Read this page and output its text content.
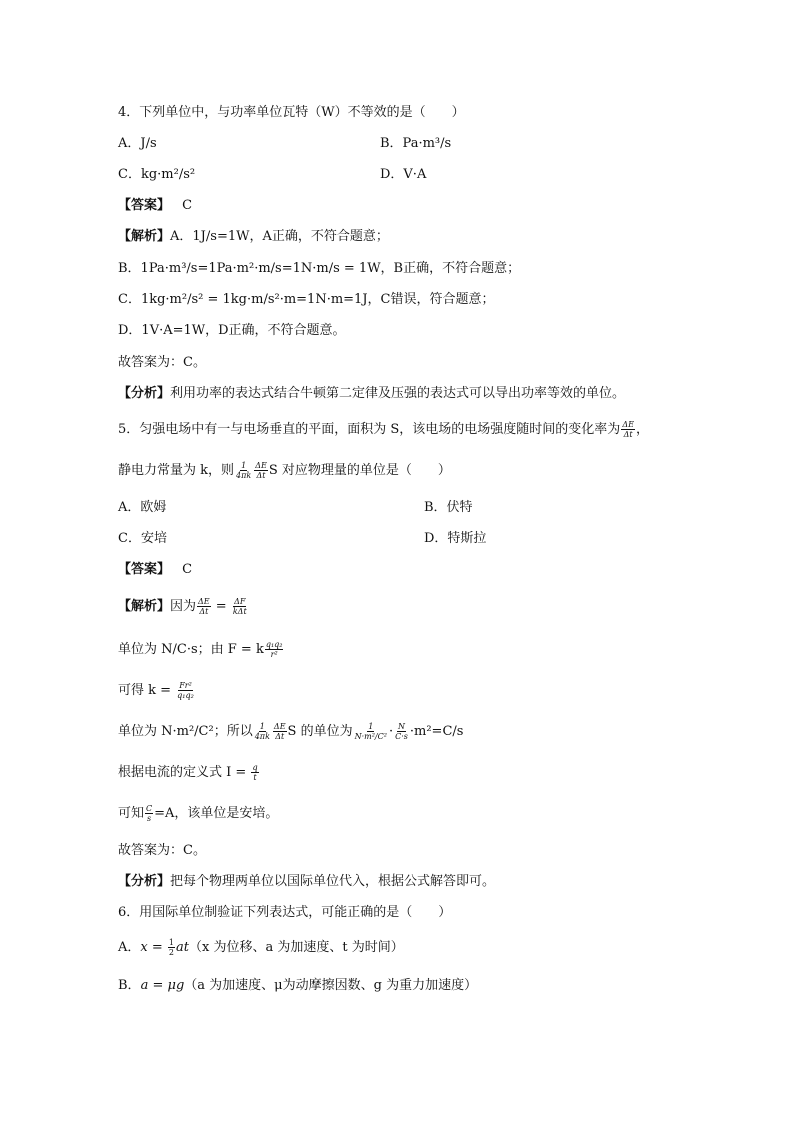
4．下列单位中，与功率单位瓦特（W）不等效的是（　　）
A．J/s	B．Pa·m³/s
C．kg·m²/s²	D．V·A
【答案】 C
【解析】A．1J/s=1W，A正确，不符合题意；
B．1Pa·m³/s=1Pa·m²·m/s=1N·m/s = 1W，B正确，不符合题意；
C．1kg·m²/s² = 1kg·m/s²·m=1N·m=1J，C错误，符合题意；
D．1V·A=1W，D正确，不符合题意。
故答案为：C。
【分析】利用功率的表达式结合牛顿第二定律及压强的表达式可以导出功率等效的单位。
5．匀强电场中有一与电场垂直的平面，面积为 S，该电场的电场强度随时间的变化率为 $\frac{\Delta E}{\Delta t}$ ，
静电力常量为 k，则 $\frac{1}{4\pi k} \frac{\Delta E}{\Delta t}$ S 对应物理量的单位是（　　）
A．欧姆	B．伏特
C．安培	D．特斯拉
【答案】 C
【解析】因为 $\frac{\Delta E}{\Delta t} = \frac{\Delta F}{\text{kΔt}}$
单位为 N/C·s；由 F = k $\frac{\text{q₁q₂}}{\text{r²}}$
可得 $k = \frac{\text{Fr²}}{\text{q₁q₂}}$
单位为 N·m²/C²；所以 $\frac{1}{4\pi k} \frac{\Delta E}{\Delta t}$ S 的单位为 $\frac{1}{\text{N·m²/C²}} \cdot \frac{N}{C\cdot s} \cdot m^2=C/s$
根据电流的定义式 $I = \frac{q}{t}$
可知 $\frac{C}{s} =A$，该单位是安培。
故答案为：C。
【分析】把每个物理两单位以国际单位代入，根据公式解答即可。
6．用国际单位制验证下列表达式，可能正确的是（　　）
A．$x = \frac{1}{2} at(x$ 为位移、a 为加速度、t 为时间）
B．a = μg（a 为加速度、μ为动摩擦因数、g 为重力加速度）
